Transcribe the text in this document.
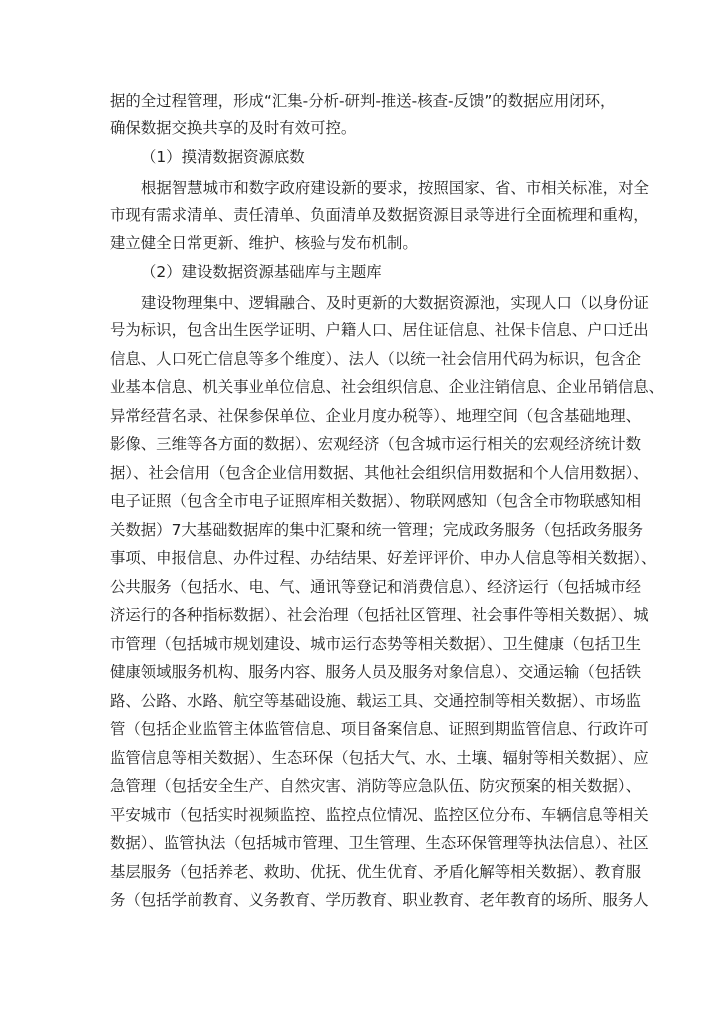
据的全过程管理，形成“汇集-分析-研判-推送-核查-反馈”的数据应用闭环，
确保数据交换共享的及时有效可控。
（1）摸清数据资源底数
根据智慧城市和数字政府建设新的要求，按照国家、省、市相关标准，对全
市现有需求清单、责任清单、负面清单及数据资源目录等进行全面梳理和重构，
建立健全日常更新、维护、核验与发布机制。
（2）建设数据资源基础库与主题库
建设物理集中、逻辑融合、及时更新的大数据资源池，实现人口（以身份证
号为标识，包含出生医学证明、户籍人口、居住证信息、社保卡信息、户口迁出
信息、人口死亡信息等多个维度）、法人（以统一社会信用代码为标识，包含企
业基本信息、机关事业单位信息、社会组织信息、企业注销信息、企业吊销信息、
异常经营名录、社保参保单位、企业月度办税等）、地理空间（包含基础地理、
影像、三维等各方面的数据）、宏观经济（包含城市运行相关的宏观经济统计数
据）、社会信用（包含企业信用数据、其他社会组织信用数据和个人信用数据）、
电子证照（包含全市电子证照库相关数据）、物联网感知（包含全市物联感知相
关数据）7大基础数据库的集中汇聚和统一管理；完成政务服务（包括政务服务
事项、申报信息、办件过程、办结结果、好差评评价、申办人信息等相关数据）、
公共服务（包括水、电、气、通讯等登记和消费信息）、经济运行（包括城市经
济运行的各种指标数据）、社会治理（包括社区管理、社会事件等相关数据）、城
市管理（包括城市规划建设、城市运行态势等相关数据）、卫生健康（包括卫生
健康领域服务机构、服务内容、服务人员及服务对象信息）、交通运输（包括铁
路、公路、水路、航空等基础设施、载运工具、交通控制等相关数据）、市场监
管（包括企业监管主体监管信息、项目备案信息、证照到期监管信息、行政许可
监管信息等相关数据）、生态环保（包括大气、水、土壤、辐射等相关数据）、应
急管理（包括安全生产、自然灾害、消防等应急队伍、防灾预案的相关数据）、
平安城市（包括实时视频监控、监控点位情况、监控区位分布、车辆信息等相关
数据）、监管执法（包括城市管理、卫生管理、生态环保管理等执法信息）、社区
基层服务（包括养老、救助、优抚、优生优育、矛盾化解等相关数据）、教育服
务（包括学前教育、义务教育、学历教育、职业教育、老年教育的场所、服务人
